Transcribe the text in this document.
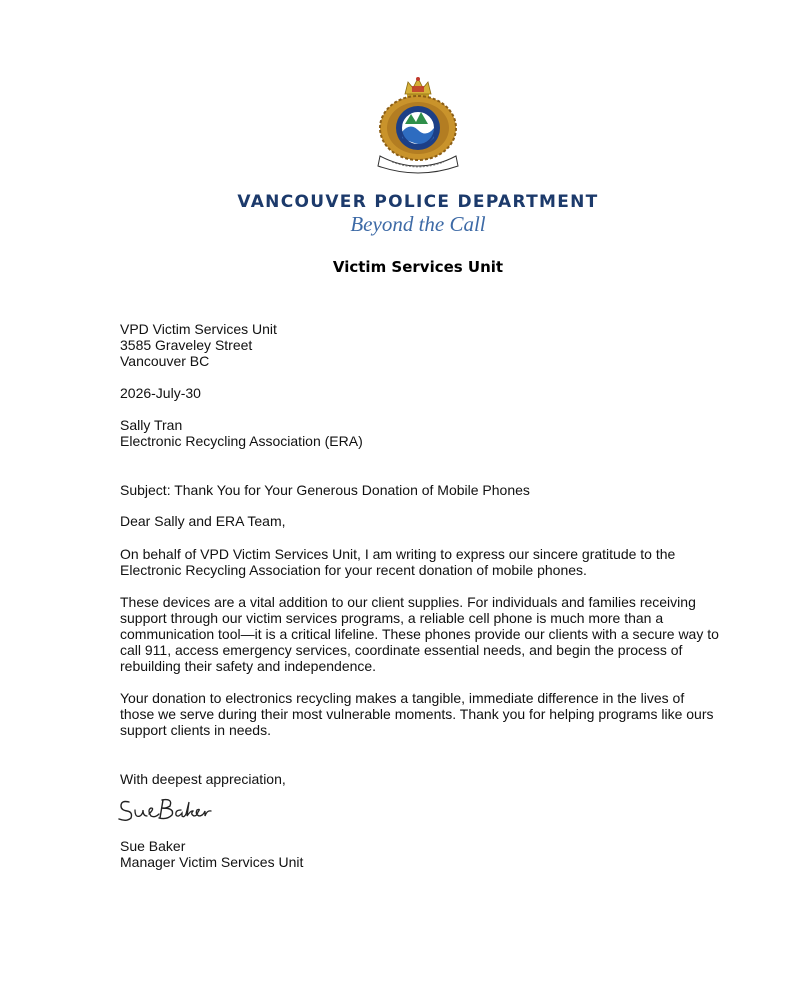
VANCOUVER POLICE DEPARTMENT
Beyond the Call
Victim Services Unit

VPD Victim Services Unit

3585 Graveley Street

Vancouver BC

2026-July-30

Sally Tran

Electronic Recycling Association (ERA)

Subject: Thank You for Your Generous Donation of Mobile Phones

Dear Sally and ERA Team,

On behalf of VPD Victim Services Unit, I am writing to express our sincere gratitude to the Electronic Recycling Association for your recent donation of mobile phones.

These devices are a vital addition to our client supplies. For individuals and families receiving support through our victim services programs, a reliable cell phone is much more than a communication tool—it is a critical lifeline. These phones provide our clients with a secure way to call 911, access emergency services, coordinate essential needs, and begin the process of rebuilding their safety and independence.

Your donation to electronics recycling makes a tangible, immediate difference in the lives of those we serve during their most vulnerable moments. Thank you for helping programs like ours support clients in needs.

With deepest appreciation,

Sue Baker

Manager Victim Services Unit
